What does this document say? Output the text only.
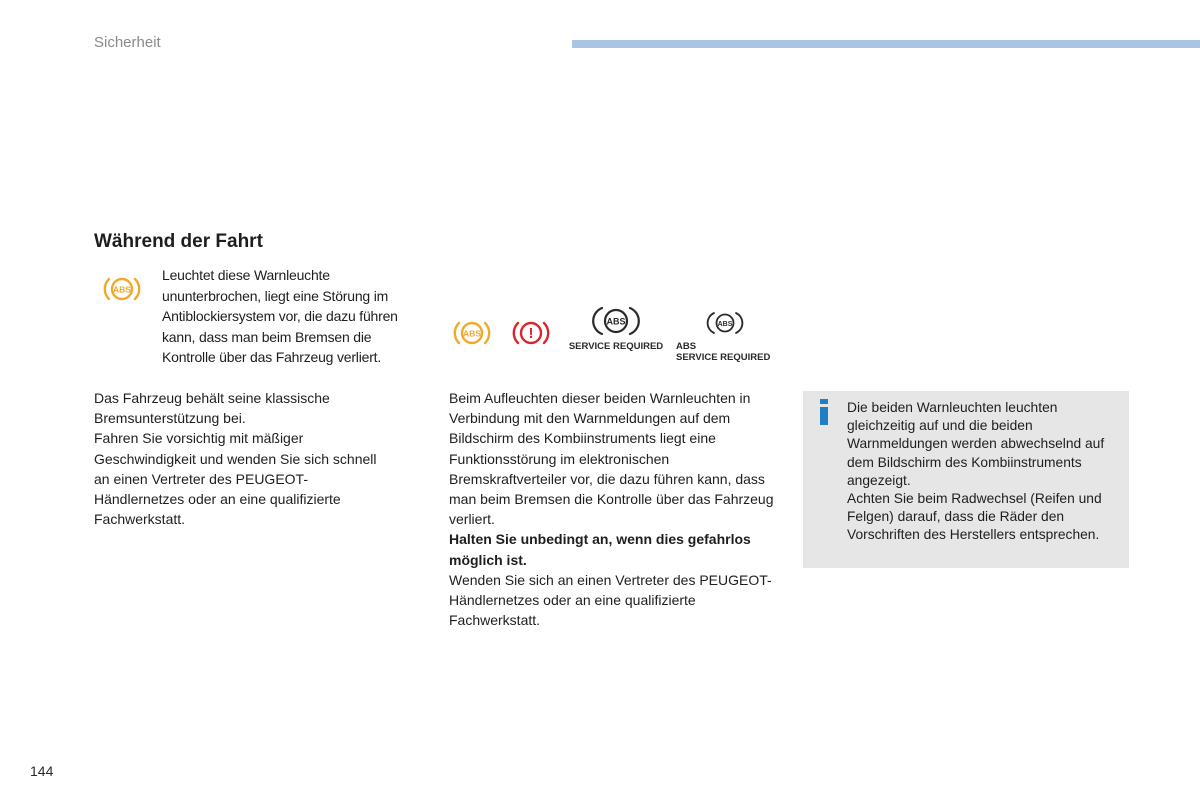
Sicherheit
Während der Fahrt
ABS

Leuchtet diese Warnleuchte ununterbrochen, liegt eine Störung im Antiblockiersystem vor, die dazu führen kann, dass man beim Bremsen die Kontrolle über das Fahrzeug verliert.

ABS	!
ABS
SERVICE REQUIRED
ABS
ABS
SERVICE REQUIRED
Das Fahrzeug behält seine klassische Bremsunterstützung bei.
Fahren Sie vorsichtig mit mäßiger Geschwindigkeit und wenden Sie sich schnell an einen Vertreter des PEUGEOT-Händlernetzes oder an eine qualifizierte Fachwerkstatt.
Beim Aufleuchten dieser beiden Warnleuchten in Verbindung mit den Warnmeldungen auf dem Bildschirm des Kombiinstruments liegt eine Funktionsstörung im elektronischen Bremskraftverteiler vor, die dazu führen kann, dass man beim Bremsen die Kontrolle über das Fahrzeug verliert.
Halten Sie unbedingt an, wenn dies gefahrlos möglich ist.
Wenden Sie sich an einen Vertreter des PEUGEOT-Händlernetzes oder an eine qualifizierte Fachwerkstatt.
Die beiden Warnleuchten leuchten gleichzeitig auf und die beiden Warnmeldungen werden abwechselnd auf dem Bildschirm des Kombiinstruments angezeigt.
Achten Sie beim Radwechsel (Reifen und Felgen) darauf, dass die Räder den Vorschriften des Herstellers entsprechen.
144
